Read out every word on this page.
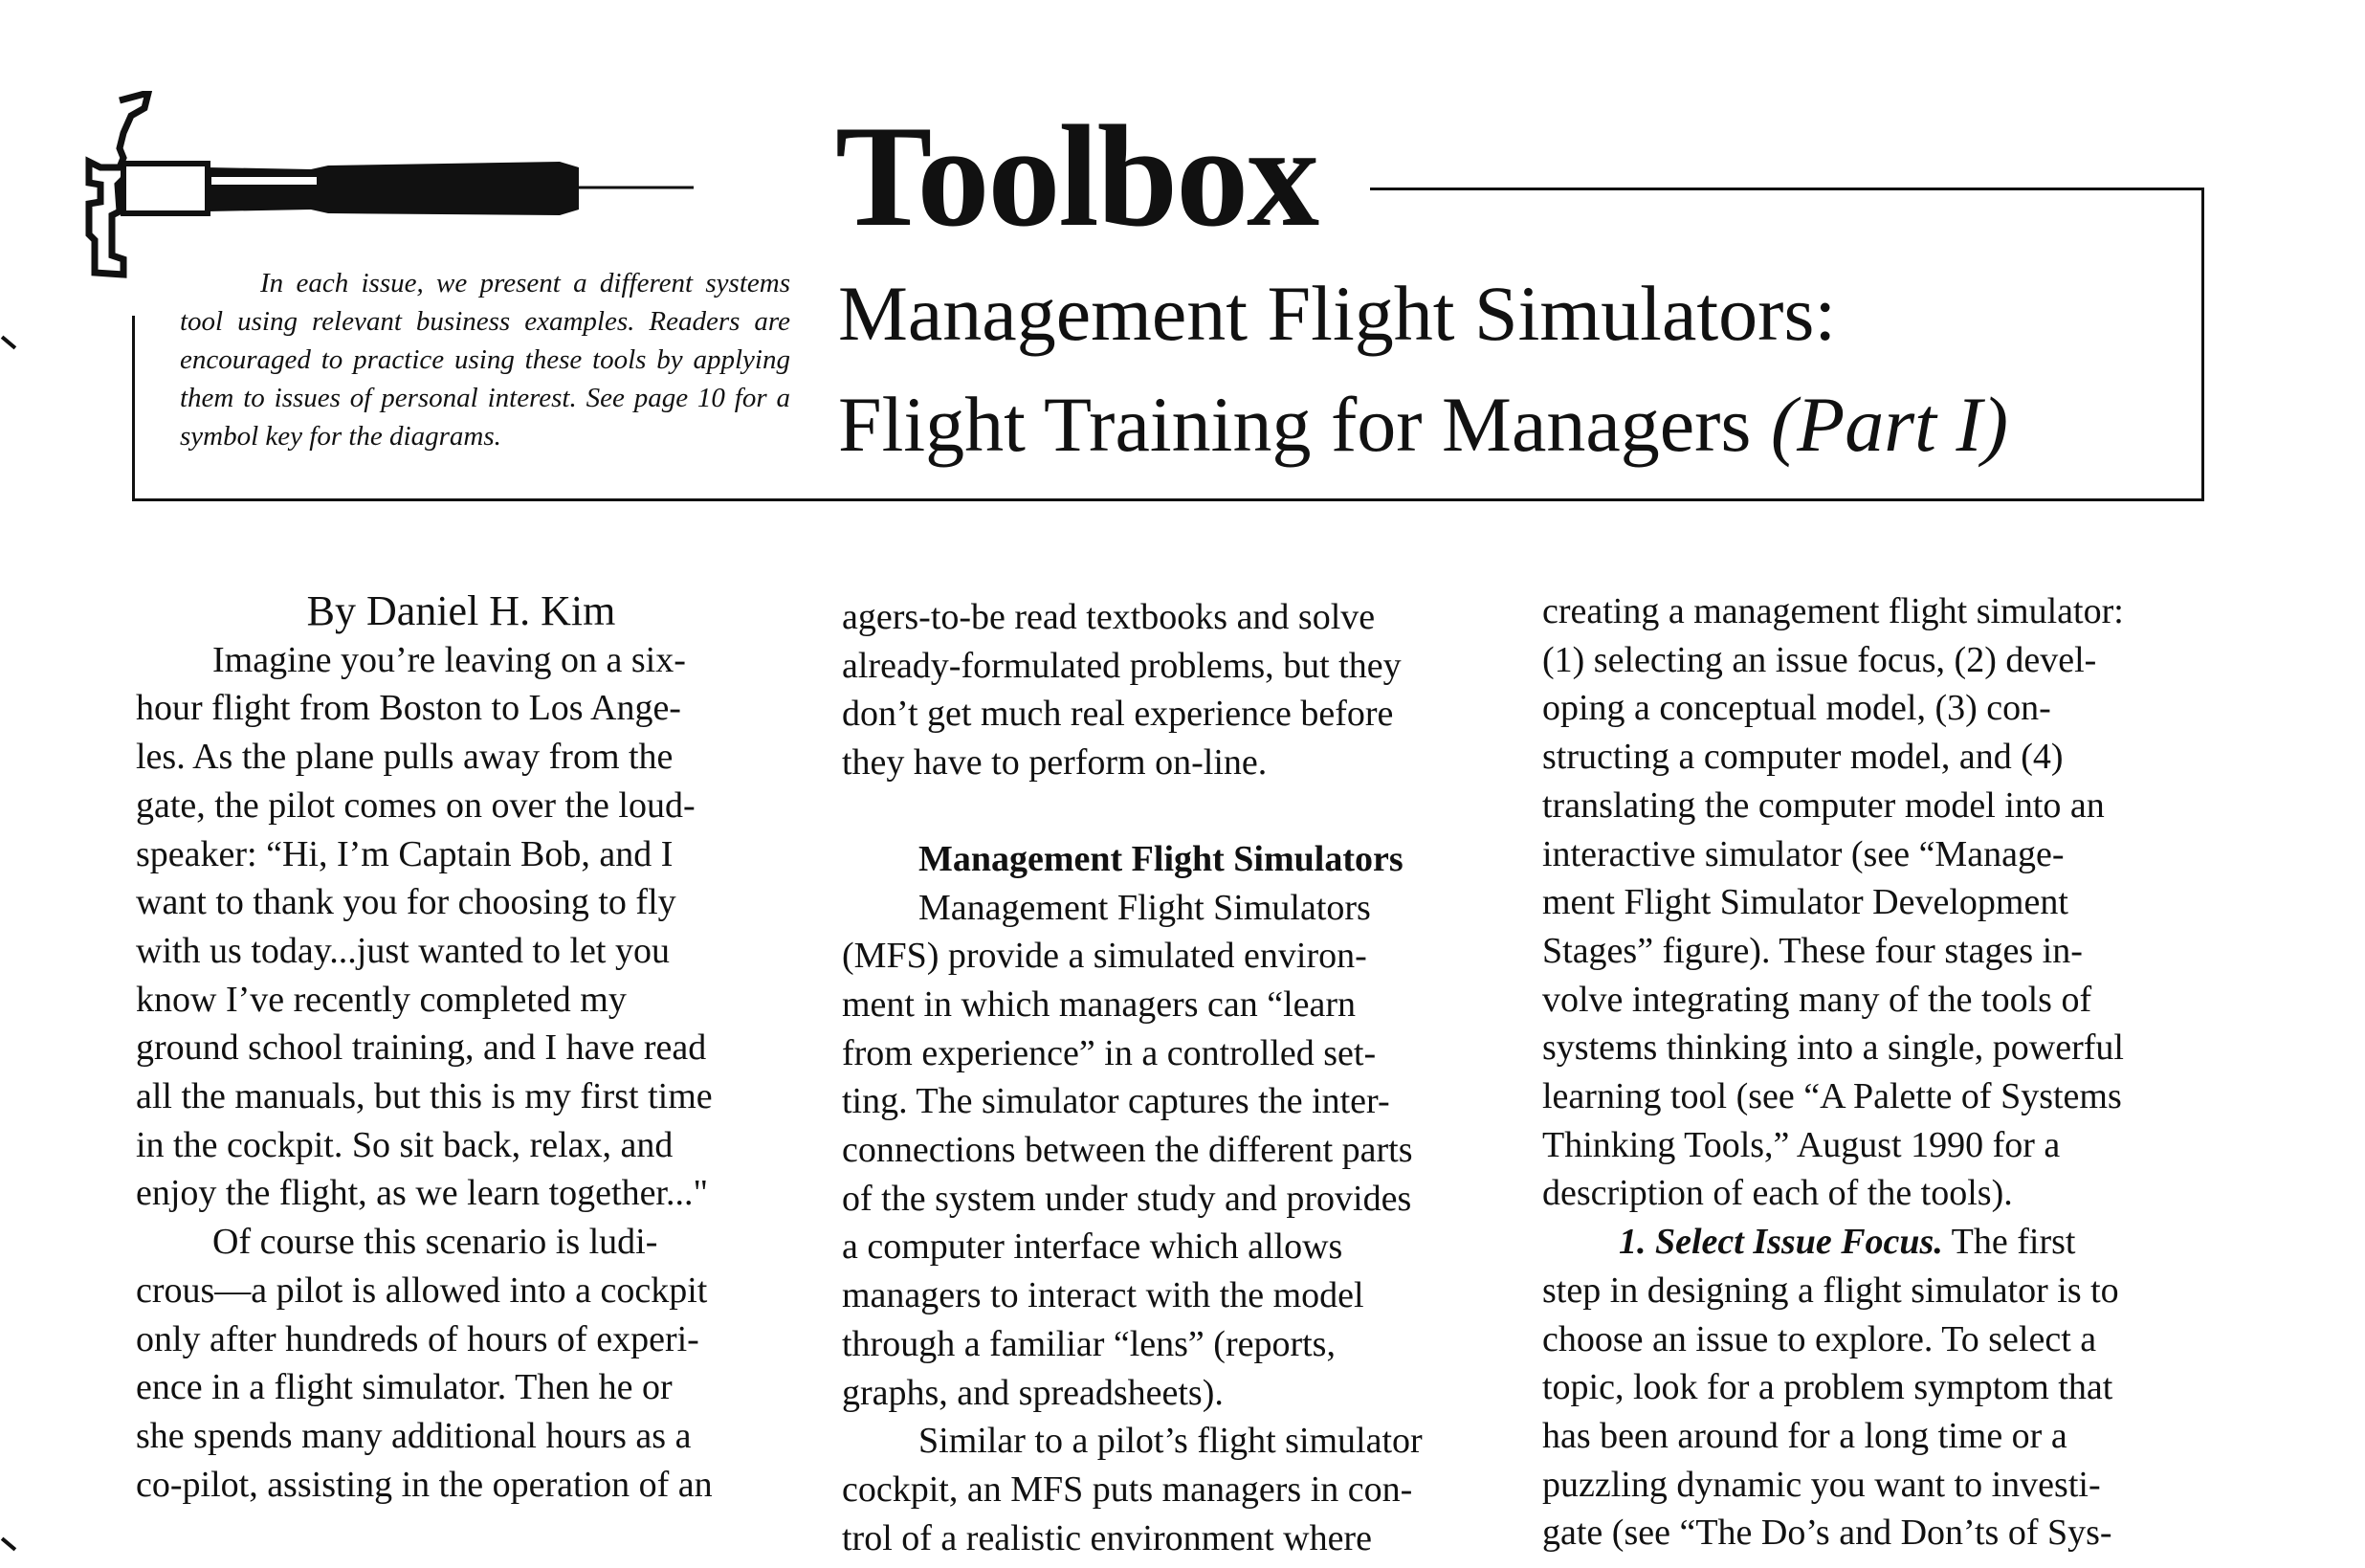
Toolbox
In each issue, we present a different systems tool using relevant business examples. Readers are encouraged to practice using these tools by applying them to issues of personal interest. See page 10 for a symbol key for the diagrams.
Management Flight Simulators:
Flight Training for Managers (Part I)

By Daniel H. Kim

Imagine you’re leaving on a six-

hour flight from Boston to Los Ange-

les. As the plane pulls away from the

gate, the pilot comes on over the loud-

speaker: “Hi, I’m Captain Bob, and I

want to thank you for choosing to fly

with us today...just wanted to let you

know I’ve recently completed my

ground school training, and I have read

all the manuals, but this is my first time

in the cockpit. So sit back, relax, and

enjoy the flight, as we learn together..."

Of course this scenario is ludi-

crous—a pilot is allowed into a cockpit

only after hundreds of hours of experi-

ence in a flight simulator. Then he or

she spends many additional hours as a

co-pilot, assisting in the operation of an

agers-to-be read textbooks and solve

already-formulated problems, but they

don’t get much real experience before

they have to perform on-line.

Management Flight Simulators

Management Flight Simulators

(MFS) provide a simulated environ-

ment in which managers can “learn

from experience” in a controlled set-

ting. The simulator captures the inter-

connections between the different parts

of the system under study and provides

a computer interface which allows

managers to interact with the model

through a familiar “lens” (reports,

graphs, and spreadsheets).

Similar to a pilot’s flight simulator

cockpit, an MFS puts managers in con-

trol of a realistic environment where

creating a management flight simulator:

(1) selecting an issue focus, (2) devel-

oping a conceptual model, (3) con-

structing a computer model, and (4)

translating the computer model into an

interactive simulator (see “Manage-

ment Flight Simulator Development

Stages” figure). These four stages in-

volve integrating many of the tools of

systems thinking into a single, powerful

learning tool (see “A Palette of Systems

Thinking Tools,” August 1990 for a

description of each of the tools).

1. Select Issue Focus. The first

step in designing a flight simulator is to

choose an issue to explore. To select a

topic, look for a problem symptom that

has been around for a long time or a

puzzling dynamic you want to investi-

gate (see “The Do’s and Don’ts of Sys-
